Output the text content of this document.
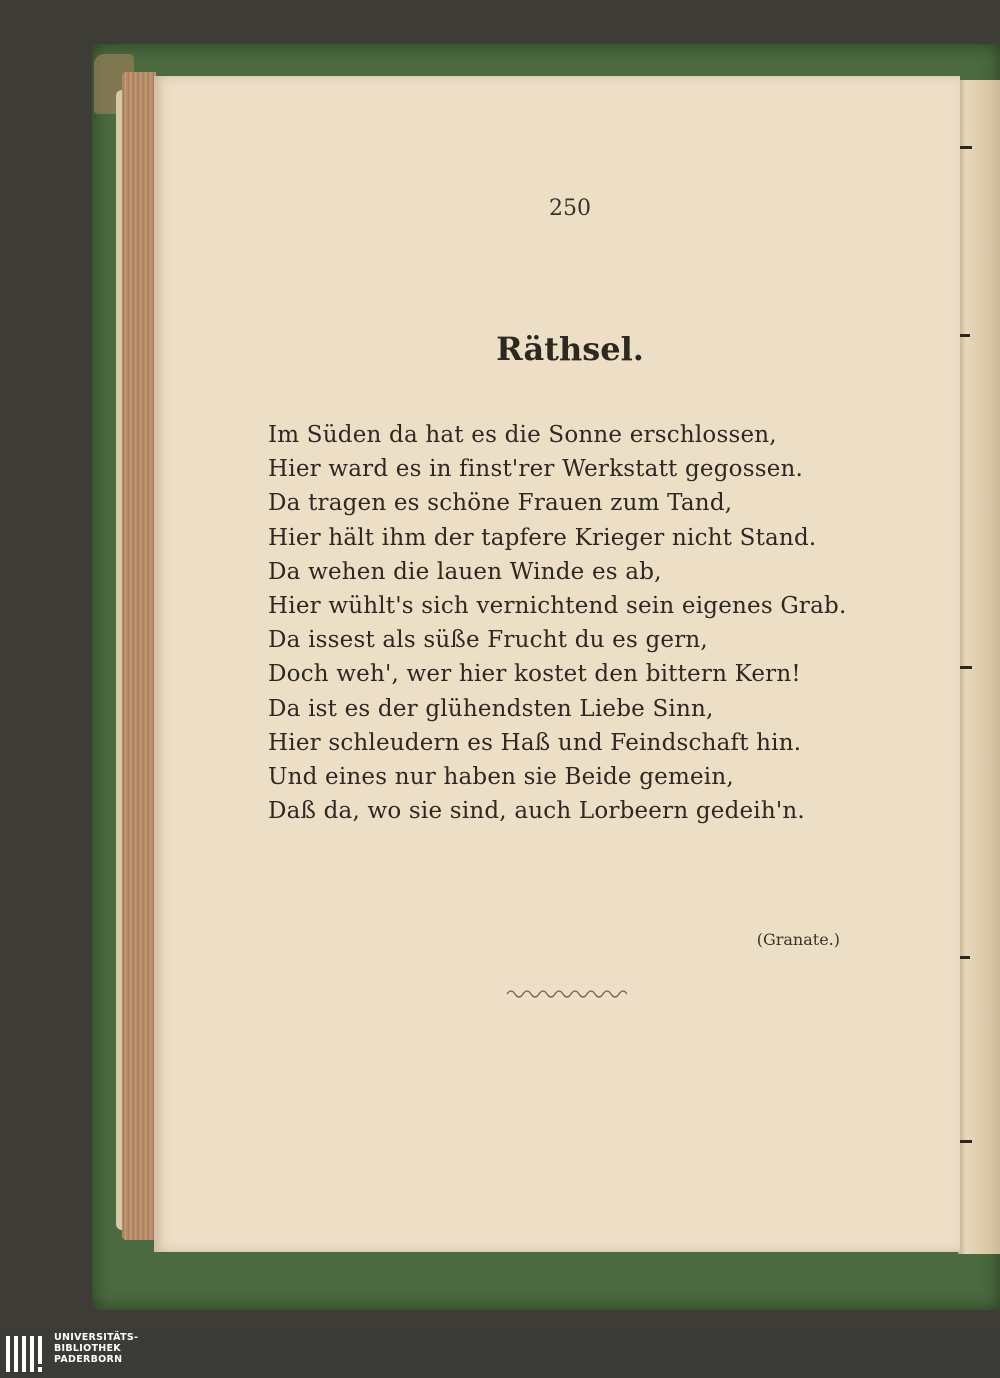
250
Räthsel.
Im Süden da hat es die Sonne erschlossen,
Hier ward es in finst'rer Werkstatt gegossen.
Da tragen es schöne Frauen zum Tand,
Hier hält ihm der tapfere Krieger nicht Stand.
Da wehen die lauen Winde es ab,
Hier wühlt's sich vernichtend sein eigenes Grab.
Da issest als süße Frucht du es gern,
Doch weh', wer hier kostet den bittern Kern!
Da ist es der glühendsten Liebe Sinn,
Hier schleudern es Haß und Feindschaft hin.
Und eines nur haben sie Beide gemein,
Daß da, wo sie sind, auch Lorbeern gedeih'n.
(Granate.)
UNIVERSITÄTS-
BIBLIOTHEK
PADERBORN
